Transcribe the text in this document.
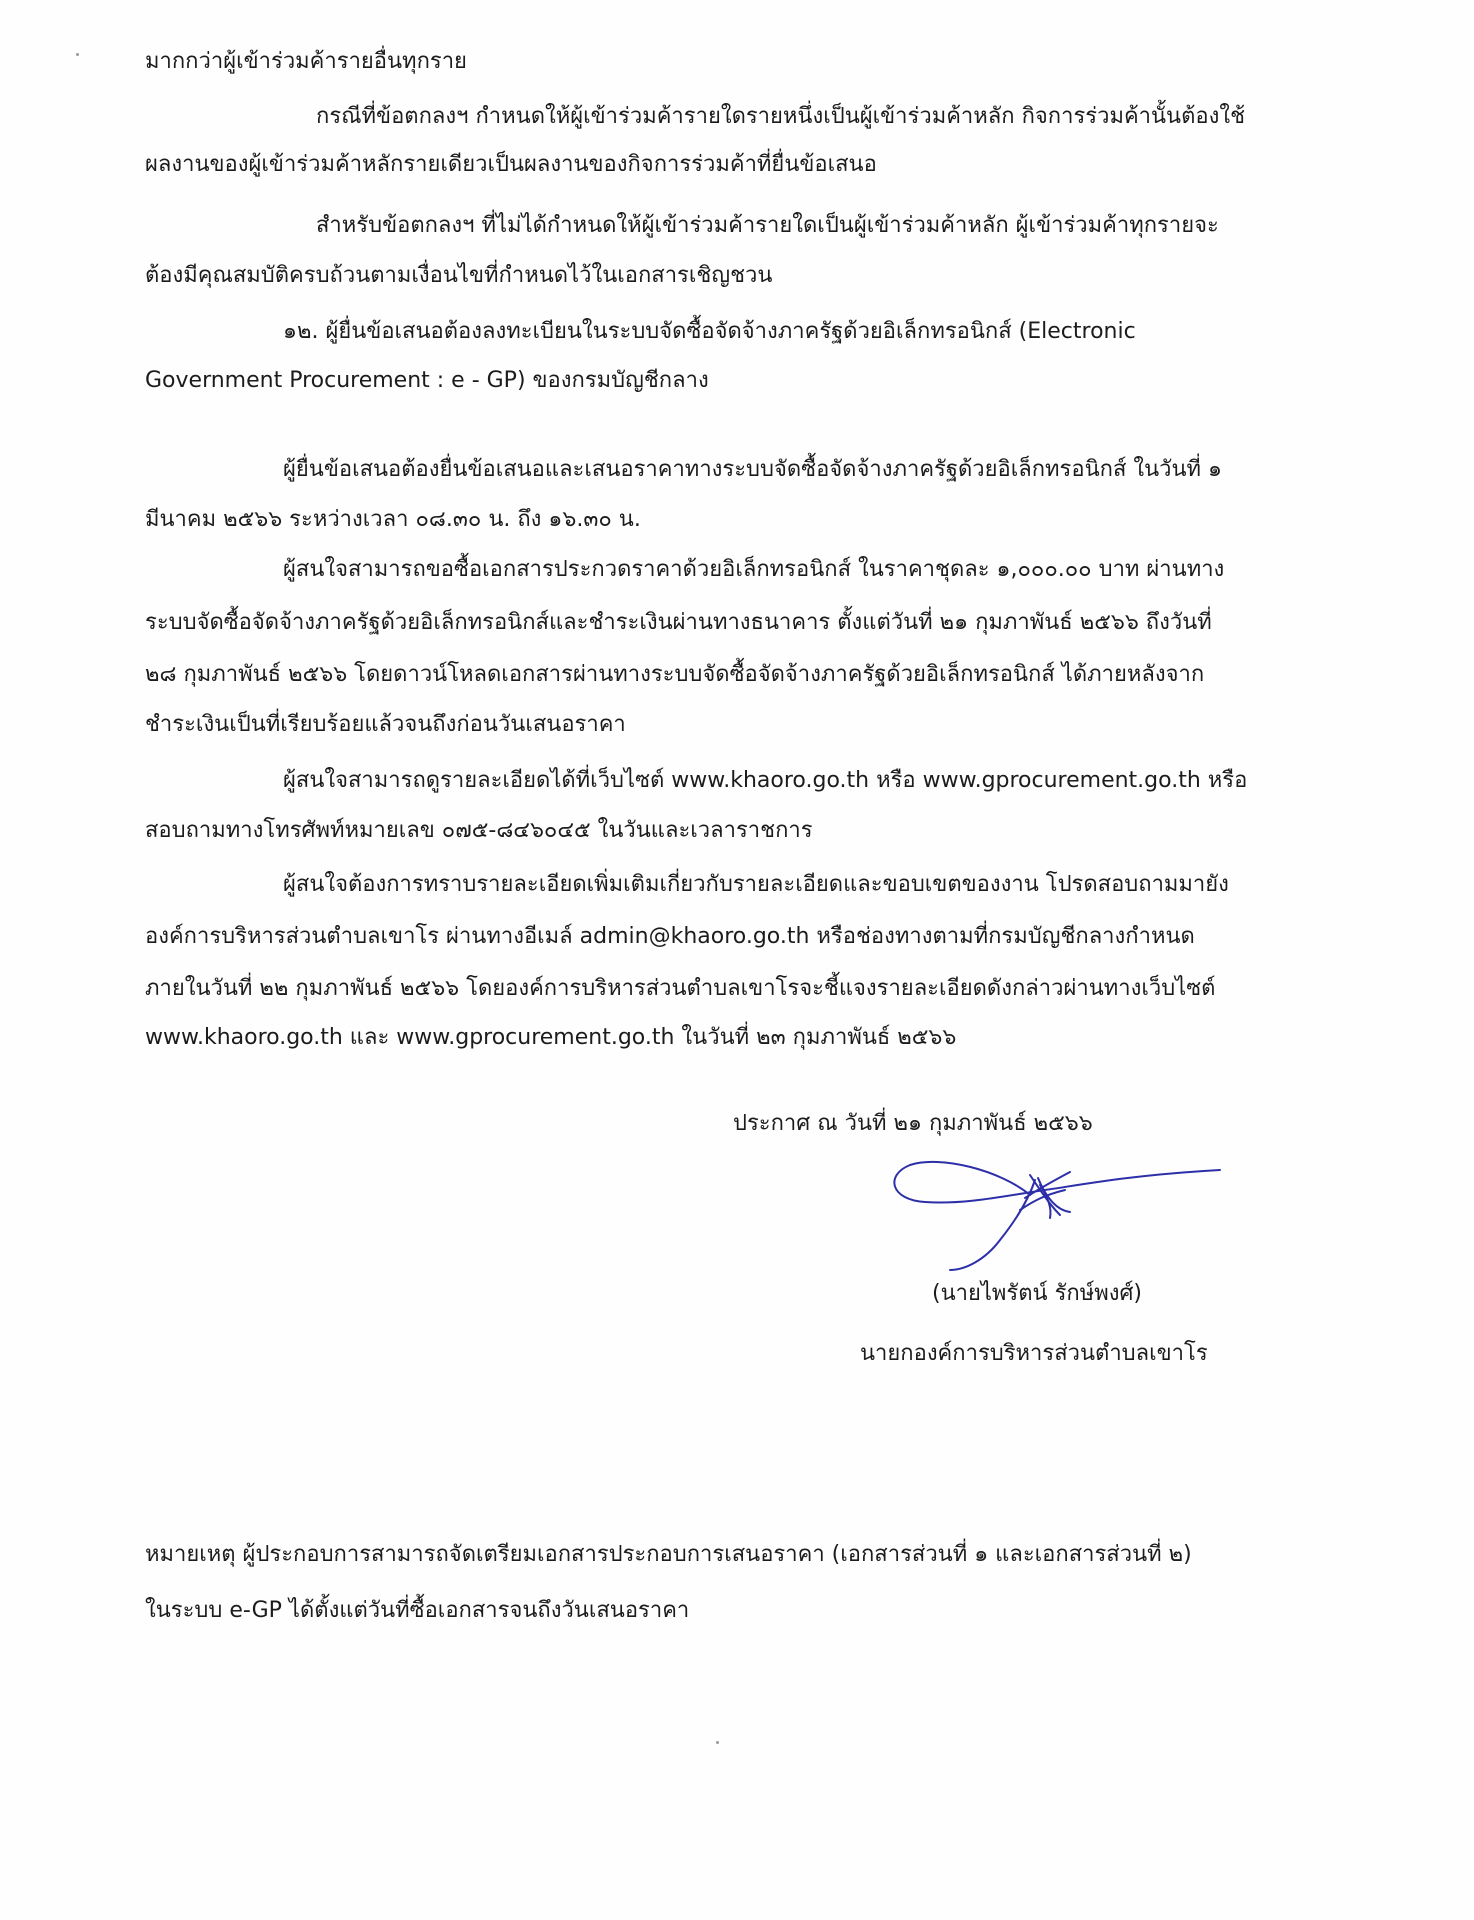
มากกว่าผู้เข้าร่วมค้ารายอื่นทุกราย
กรณีที่ข้อตกลงฯ กำหนดให้ผู้เข้าร่วมค้ารายใดรายหนึ่งเป็นผู้เข้าร่วมค้าหลัก กิจการร่วมค้านั้นต้องใช้
ผลงานของผู้เข้าร่วมค้าหลักรายเดียวเป็นผลงานของกิจการร่วมค้าที่ยื่นข้อเสนอ
สำหรับข้อตกลงฯ ที่ไม่ได้กำหนดให้ผู้เข้าร่วมค้ารายใดเป็นผู้เข้าร่วมค้าหลัก ผู้เข้าร่วมค้าทุกรายจะ
ต้องมีคุณสมบัติครบถ้วนตามเงื่อนไขที่กำหนดไว้ในเอกสารเชิญชวน
๑๒. ผู้ยื่นข้อเสนอต้องลงทะเบียนในระบบจัดซื้อจัดจ้างภาครัฐด้วยอิเล็กทรอนิกส์ (Electronic
Government Procurement : e - GP) ของกรมบัญชีกลาง
ผู้ยื่นข้อเสนอต้องยื่นข้อเสนอและเสนอราคาทางระบบจัดซื้อจัดจ้างภาครัฐด้วยอิเล็กทรอนิกส์ ในวันที่ ๑
มีนาคม ๒๕๖๖ ระหว่างเวลา ๐๘.๓๐ น. ถึง ๑๖.๓๐ น.
ผู้สนใจสามารถขอซื้อเอกสารประกวดราคาด้วยอิเล็กทรอนิกส์ ในราคาชุดละ ๑,๐๐๐.๐๐ บาท ผ่านทาง
ระบบจัดซื้อจัดจ้างภาครัฐด้วยอิเล็กทรอนิกส์และชำระเงินผ่านทางธนาคาร ตั้งแต่วันที่ ๒๑ กุมภาพันธ์ ๒๕๖๖ ถึงวันที่
๒๘ กุมภาพันธ์ ๒๕๖๖ โดยดาวน์โหลดเอกสารผ่านทางระบบจัดซื้อจัดจ้างภาครัฐด้วยอิเล็กทรอนิกส์ ได้ภายหลังจาก
ชำระเงินเป็นที่เรียบร้อยแล้วจนถึงก่อนวันเสนอราคา
ผู้สนใจสามารถดูรายละเอียดได้ที่เว็บไซต์ www.khaoro.go.th หรือ www.gprocurement.go.th หรือ
สอบถามทางโทรศัพท์หมายเลข ๐๗๕-๘๔๖๐๔๕ ในวันและเวลาราชการ
ผู้สนใจต้องการทราบรายละเอียดเพิ่มเติมเกี่ยวกับรายละเอียดและขอบเขตของงาน โปรดสอบถามมายัง
องค์การบริหารส่วนตำบลเขาโร ผ่านทางอีเมล์ admin@khaoro.go.th หรือช่องทางตามที่กรมบัญชีกลางกำหนด
ภายในวันที่ ๒๒ กุมภาพันธ์ ๒๕๖๖ โดยองค์การบริหารส่วนตำบลเขาโรจะชี้แจงรายละเอียดดังกล่าวผ่านทางเว็บไซต์
www.khaoro.go.th และ www.gprocurement.go.th ในวันที่ ๒๓ กุมภาพันธ์ ๒๕๖๖
ประกาศ ณ วันที่ ๒๑ กุมภาพันธ์ ๒๕๖๖
(นายไพรัตน์ รักษ์พงศ์)
นายกองค์การบริหารส่วนตำบลเขาโร
หมายเหตุ ผู้ประกอบการสามารถจัดเตรียมเอกสารประกอบการเสนอราคา (เอกสารส่วนที่ ๑ และเอกสารส่วนที่ ๒)
ในระบบ e-GP ได้ตั้งแต่วันที่ซื้อเอกสารจนถึงวันเสนอราคา
